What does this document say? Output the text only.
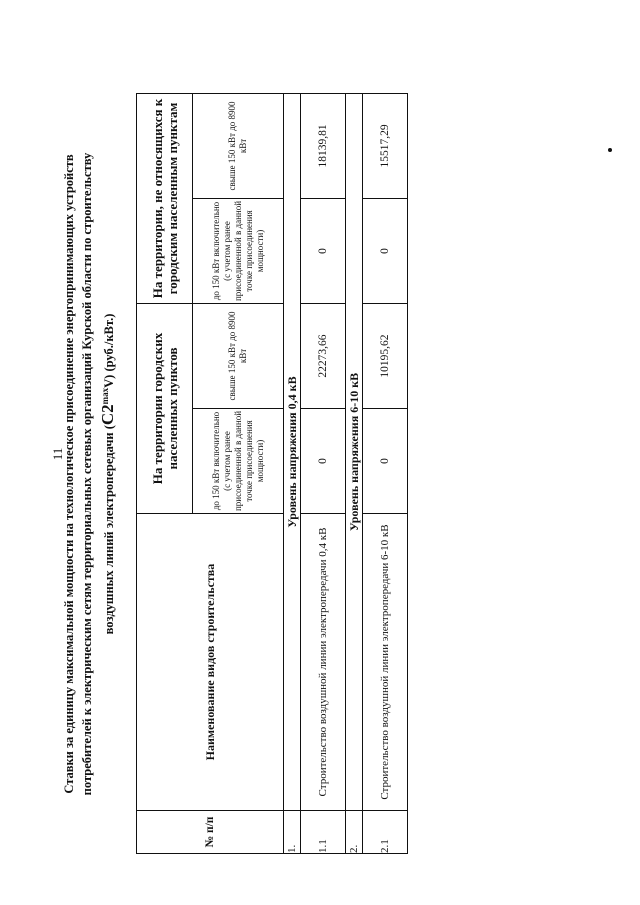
11
Ставки за единицу максимальной мощности на технологическое присоединение энергопринимающих устройств потребителей к электрическим сетям территориальных сетевых организаций Курской области по строительству воздушных линий электропередачи $(C2^{max}V)$ (руб./кВт.)
№ п/п	Наименование видов строительства	На территории городских населенных пунктов		На территории, не относящихся к городским населенным пунктам	
		до 150 кВт включительно (с учетом ранее присоединенной в данной точке присоединения мощности)	свыше 150 кВт до 8900 кВт	до 150 кВт включительно (с учетом ранее присоединенной в данной точке присоединения мощности)	свыше 150 кВт до 8900 кВт
1.	Уровень напряжения 0,4 кВ				
1.1	Строительство воздушной линии электропередачи 0,4 кВ	0	22273,66	0	18139,81
2.	Уровень напряжения 6-10 кВ				
2.1	Строительство воздушной линии электропередачи 6-10 кВ	0	10195,62	0	15517,29
